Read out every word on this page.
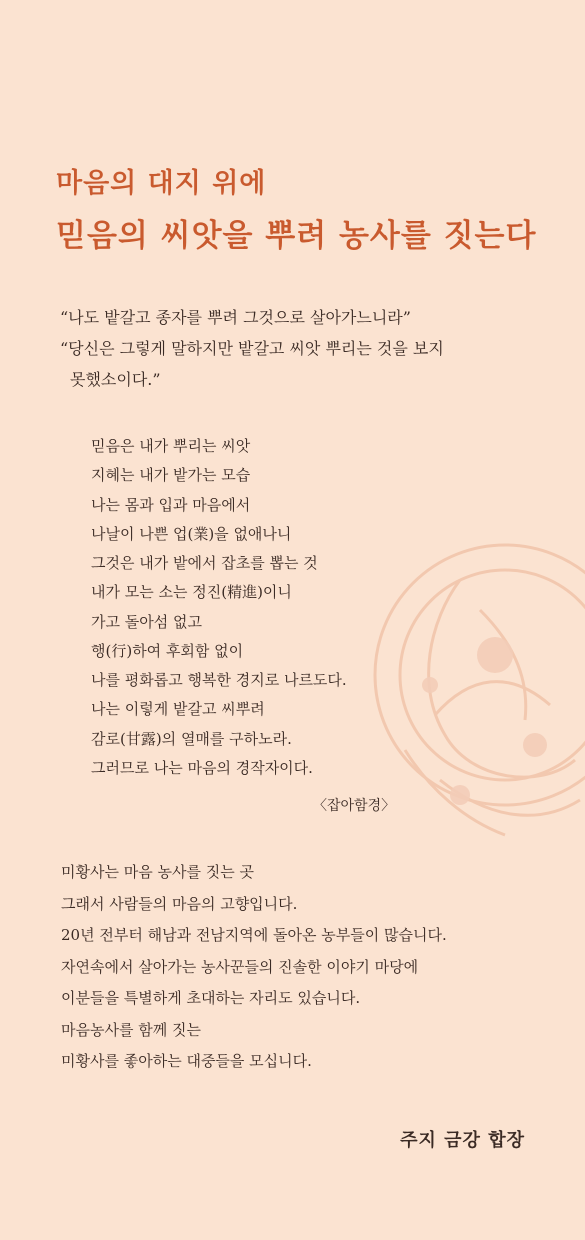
마음의 대지 위에
믿음의 씨앗을 뿌려 농사를 짓는다
“나도 밭갈고 종자를 뿌려 그것으로 살아가느니라”
“당신은 그렇게 말하지만 밭갈고 씨앗 뿌리는 것을 보지
못했소이다.”
믿음은 내가 뿌리는 씨앗
지혜는 내가 밭가는 모습
나는 몸과 입과 마음에서
나날이 나쁜 업(業)을 없애나니
그것은 내가 밭에서 잡초를 뽑는 것
내가 모는 소는 정진(精進)이니
가고 돌아섬 없고
행(行)하여 후회함 없이
나를 평화롭고 행복한 경지로 나르도다.
나는 이렇게 밭갈고 씨뿌려
감로(甘露)의 열매를 구하노라.
그러므로 나는 마음의 경작자이다.
〈잡아함경〉
미황사는 마음 농사를 짓는 곳
그래서 사람들의 마음의 고향입니다.
20년 전부터 해남과 전남지역에 돌아온 농부들이 많습니다.
자연속에서 살아가는 농사꾼들의 진솔한 이야기 마당에
이분들을 특별하게 초대하는 자리도 있습니다.
마음농사를 함께 짓는
미황사를 좋아하는 대중들을 모십니다.
주지 금강 합장
